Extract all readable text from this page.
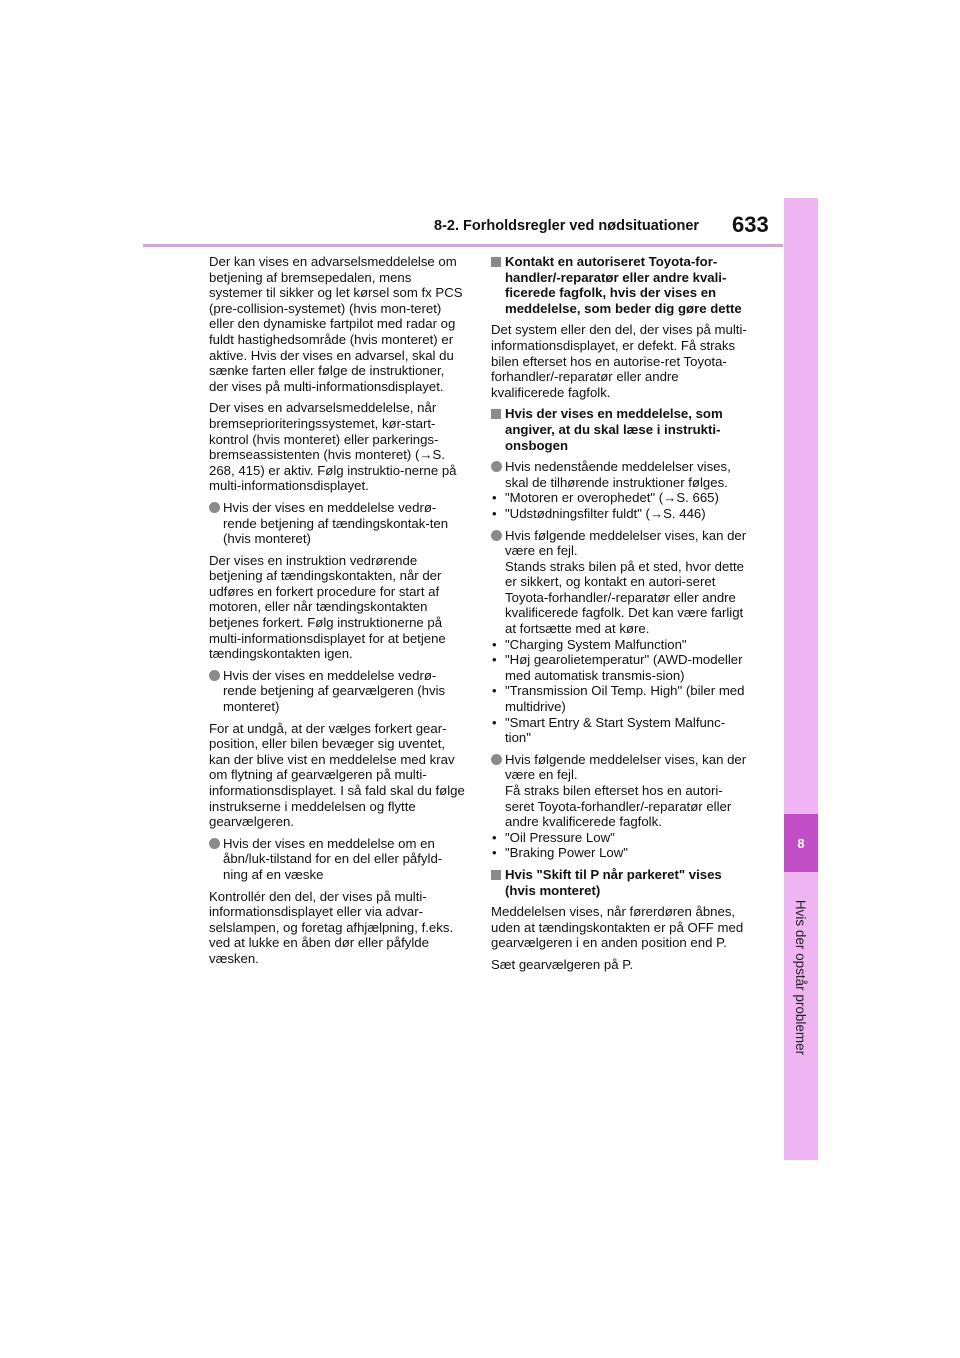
8-2. Forholdsregler ved nødsituationer 633
8
Hvis der opstår problemer

Der kan vises en advarselsmeddelelse om betjening af bremsepedalen, mens systemer til sikker og let kørsel som fx PCS (pre-collision-systemet) (hvis mon-teret) eller den dynamiske fartpilot med radar og fuldt hastighedsområde (hvis monteret) er aktive. Hvis der vises en advarsel, skal du sænke farten eller følge de instruktioner, der vises på multi-informationsdisplayet.

Der vises en advarselsmeddelelse, når bremseprioriteringssystemet, kør-start-kontrol (hvis monteret) eller parkerings-bremseassistenten (hvis monteret) (→S. 268, 415) er aktiv. Følg instruktio-nerne på multi-informationsdisplayet.

Hvis der vises en meddelelse vedrø-rende betjening af tændingskontak-ten (hvis monteret)

Der vises en instruktion vedrørende betjening af tændingskontakten, når der udføres en forkert procedure for start af motoren, eller når tændingskontakten betjenes forkert. Følg instruktionerne på multi-informationsdisplayet for at betjene tændingskontakten igen.

Hvis der vises en meddelelse vedrø-rende betjening af gearvælgeren (hvis monteret)

For at undgå, at der vælges forkert gear-position, eller bilen bevæger sig uventet, kan der blive vist en meddelelse med krav om flytning af gearvælgeren på multi-informationsdisplayet. I så fald skal du følge instrukserne i meddelelsen og flytte gearvælgeren.

Hvis der vises en meddelelse om en åbn/luk-tilstand for en del eller påfyld-ning af en væske

Kontrollér den del, der vises på multi-informationsdisplayet eller via advar-selslampen, og foretag afhjælpning, f.eks. ved at lukke en åben dør eller påfylde væsken.

Kontakt en autoriseret Toyota-for-handler/-reparatør eller andre kvali-ficerede fagfolk, hvis der vises en meddelelse, som beder dig gøre dette

Det system eller den del, der vises på multi-informationsdisplayet, er defekt. Få straks bilen efterset hos en autorise-ret Toyota-forhandler/-reparatør eller andre kvalificerede fagfolk.

Hvis der vises en meddelelse, som angiver, at du skal læse i instrukti-onsbogen
Hvis nedenstående meddelelser vises, skal de tilhørende instruktioner følges.
• "Motoren er overophedet" (→S. 665)
• "Udstødningsfilter fuldt" (→S. 446)
Hvis følgende meddelelser vises, kan der være en fejl.
Stands straks bilen på et sted, hvor dette er sikkert, og kontakt en autori-seret Toyota-forhandler/-reparatør eller andre kvalificerede fagfolk. Det kan være farligt at fortsætte med at køre.
• "Charging System Malfunction"
• "Høj gearolietemperatur" (AWD-modeller med automatisk transmis-sion)
• "Transmission Oil Temp. High" (biler med multidrive)
• "Smart Entry & Start System Malfunc-tion"
Hvis følgende meddelelser vises, kan der være en fejl.
Få straks bilen efterset hos en autori-seret Toyota-forhandler/-reparatør eller andre kvalificerede fagfolk.
• "Oil Pressure Low"
• "Braking Power Low"
Hvis "Skift til P når parkeret" vises (hvis monteret)

Meddelelsen vises, når førerdøren åbnes, uden at tændingskontakten er på OFF med gearvælgeren i en anden position end P.

Sæt gearvælgeren på P.
